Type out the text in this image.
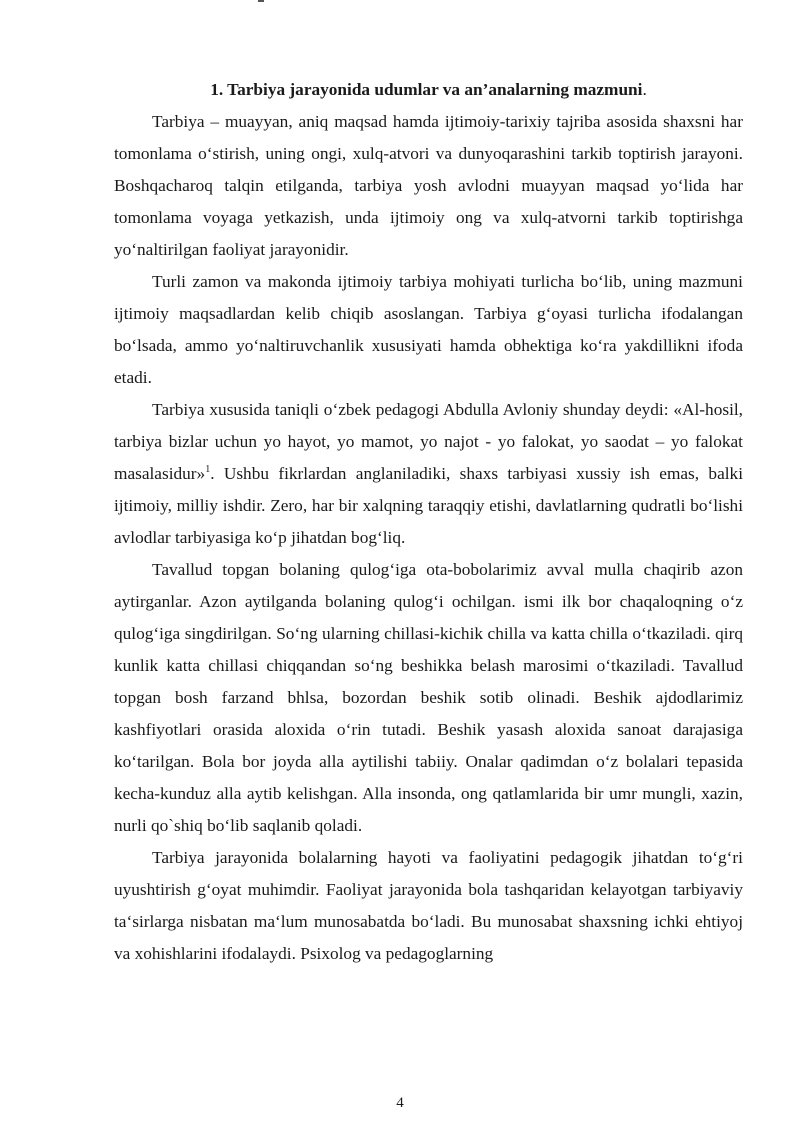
1. Tarbiya jarayonida udumlar va an’analarning mazmuni.

Tarbiya – muayyan, aniq maqsad hamda ijtimoiy-tarixiy tajriba asosida shaxsni har tomonlama oʻstirish, uning ongi, xulq-atvori va dunyoqarashini tarkib toptirish jarayoni. Boshqacharoq talqin etilganda, tarbiya yosh avlodni muayyan maqsad yoʻlida har tomonlama voyaga yetkazish, unda ijtimoiy ong va xulq-atvorni tarkib toptirishga yoʻnaltirilgan faoliyat jarayonidir.

Turli zamon va makonda ijtimoiy tarbiya mohiyati turlicha boʻlib, uning mazmuni ijtimoiy maqsadlardan kelib chiqib asoslangan. Tarbiya gʻoyasi turlicha ifodalangan boʻlsada, ammo yoʻnaltiruvchanlik xususiyati hamda obhektiga koʻra yakdillikni ifoda etadi.

Tarbiya xususida taniqli oʻzbek pedagogi Abdulla Avloniy shunday deydi: «Al-hosil, tarbiya bizlar uchun yo hayot, yo mamot, yo najot - yo falokat, yo saodat – yo falokat masalasidur»$^1$. Ushbu fikrlardan anglaniladiki, shaxs tarbiyasi xussiy ish emas, balki ijtimoiy, milliy ishdir. Zero, har bir xalqning taraqqiy etishi, davlatlarning qudratli boʻlishi avlodlar tarbiyasiga koʻp jihatdan bogʻliq.

Tavallud topgan bolaning qulogʻiga ota-bobolarimiz avval mulla chaqirib azon aytirganlar. Azon aytilganda bolaning qulogʻi ochilgan. ismi ilk bor chaqaloqning oʻz qulogʻiga singdirilgan. Soʻng ularning chillasi-kichik chilla va katta chilla oʻtkaziladi. qirq kunlik katta chillasi chiqqandan soʻng beshikka belash marosimi oʻtkaziladi. Tavallud topgan bosh farzand bhlsa, bozordan beshik sotib olinadi. Beshik ajdodlarimiz kashfiyotlari orasida aloxida oʻrin tutadi. Beshik yasash aloxida sanoat darajasiga koʻtarilgan. Bola bor joyda alla aytilishi tabiiy. Onalar qadimdan oʻz bolalari tepasida kecha-kunduz alla aytib kelishgan. Alla insonda, ong qatlamlarida bir umr mungli, xazin, nurli qo`shiq boʻlib saqlanib qoladi.

Tarbiya jarayonida bolalarning hayoti va faoliyatini pedagogik jihatdan toʻgʻri uyushtirish gʻoyat muhimdir. Faoliyat jarayonida bola tashqaridan kelayotgan tarbiyaviy taʻsirlarga nisbatan maʻlum munosabatda boʻladi. Bu munosabat shaxsning ichki ehtiyoj va xohishlarini ifodalaydi. Psixolog va pedagoglarning

4
